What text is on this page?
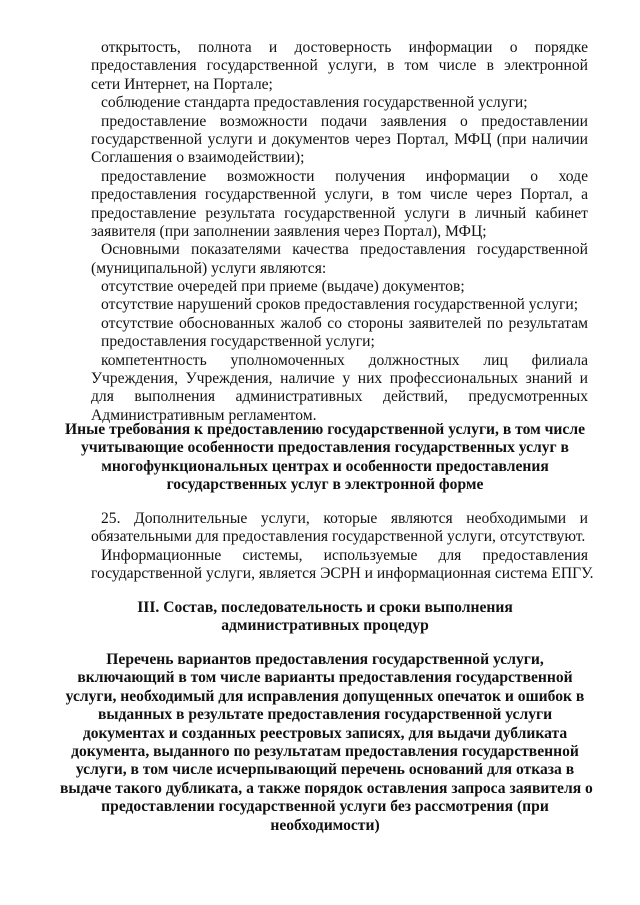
открытость, полнота и достоверность информации о порядке
предоставления государственной услуги, в том числе в электронной
сети Интернет, на Портале;
соблюдение стандарта предоставления государственной услуги;
предоставление возможности подачи заявления о предоставлении
государственной услуги и документов через Портал, МФЦ (при наличии
Соглашения о взаимодействии);
предоставление возможности получения информации о ходе
предоставления государственной услуги, в том числе через Портал, а
предоставление результата государственной услуги в личный кабинет
заявителя (при заполнении заявления через Портал), МФЦ;
Основными показателями качества предоставления государственной
(муниципальной) услуги являются:
отсутствие очередей при приеме (выдаче) документов;
отсутствие нарушений сроков предоставления государственной услуги;
отсутствие обоснованных жалоб со стороны заявителей по результатам
предоставления государственной услуги;
компетентность уполномоченных должностных лиц филиала
Учреждения, Учреждения, наличие у них профессиональных знаний и
для выполнения административных действий, предусмотренных
Административным регламентом.
Иные требования к предоставлению государственной услуги, в том числе
учитывающие особенности предоставления государственных услуг в
многофункциональных центрах и особенности предоставления
государственных услуг в электронной форме
25. Дополнительные услуги, которые являются необходимыми и
обязательными для предоставления государственной услуги, отсутствуют.
Информационные системы, используемые для предоставления
государственной услуги, является ЭСРН и информационная система ЕПГУ.
III. Состав, последовательность и сроки выполнения
административных процедур
Перечень вариантов предоставления государственной услуги,
включающий в том числе варианты предоставления государственной
услуги, необходимый для исправления допущенных опечаток и ошибок в
выданных в результате предоставления государственной услуги
документах и созданных реестровых записях, для выдачи дубликата
документа, выданного по результатам предоставления государственной
услуги, в том числе исчерпывающий перечень оснований для отказа в
выдаче такого дубликата, а также порядок оставления запроса заявителя о
предоставлении государственной услуги без рассмотрения (при
необходимости)
